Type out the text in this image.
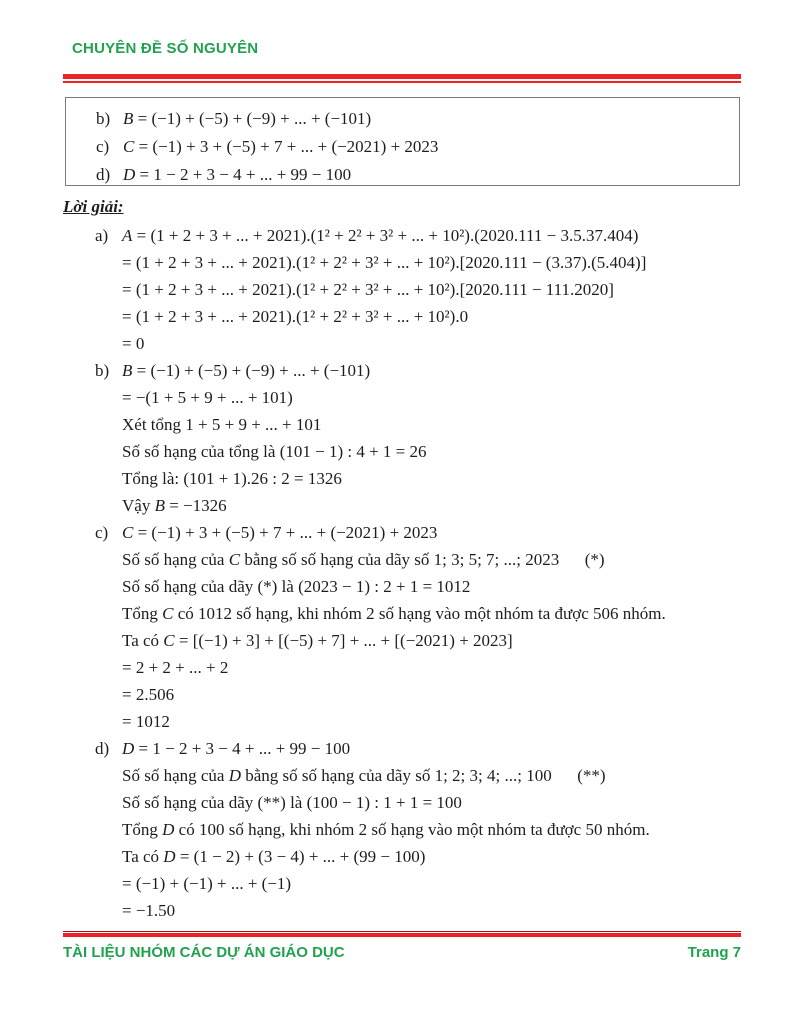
CHUYÊN ĐỀ SỐ NGUYÊN
b) B = (−1) + (−5) + (−9) + ... + (−101)
c) C = (−1) + 3 + (−5) + 7 + ... + (−2021) + 2023
d) D = 1 − 2 + 3 − 4 + ... + 99 − 100
Lời giải:
a) A = (1 + 2 + 3 + ... + 2021).(1² + 2² + 3² + ... + 10²).(2020.111 − 3.5.37.404)
= (1 + 2 + 3 + ... + 2021).(1² + 2² + 3² + ... + 10²).[2020.111 − (3.37).(5.404)]
= (1 + 2 + 3 + ... + 2021).(1² + 2² + 3² + ... + 10²).[2020.111 − 111.2020]
= (1 + 2 + 3 + ... + 2021).(1² + 2² + 3² + ... + 10²).0
= 0
b) B = (−1) + (−5) + (−9) + ... + (−101)
= −(1 + 5 + 9 + ... + 101)
Xét tổng 1 + 5 + 9 + ... + 101
Số số hạng của tổng là (101 − 1) : 4 + 1 = 26
Tổng là: (101 + 1).26 : 2 = 1326
Vậy B = −1326
c) C = (−1) + 3 + (−5) + 7 + ... + (−2021) + 2023
Số số hạng của C bằng số số hạng của dãy số 1; 3; 5; 7; ...; 2023  (*)
Số số hạng của dãy (*) là (2023 − 1) : 2 + 1 = 1012
Tổng C có 1012 số hạng, khi nhóm 2 số hạng vào một nhóm ta được 506 nhóm.
Ta có C = [(−1) + 3] + [(−5) + 7] + ... + [(−2021) + 2023]
= 2 + 2 + ... + 2
= 2.506
= 1012
d) D = 1 − 2 + 3 − 4 + ... + 99 − 100
Số số hạng của D bằng số số hạng của dãy số 1; 2; 3; 4; ...; 100  (**)
Số số hạng của dãy (**) là (100 − 1) : 1 + 1 = 100
Tổng D có 100 số hạng, khi nhóm 2 số hạng vào một nhóm ta được 50 nhóm.
Ta có D = (1 − 2) + (3 − 4) + ... + (99 − 100)
= (−1) + (−1) + ... + (−1)
= −1.50
TÀI LIỆU NHÓM CÁC DỰ ÁN GIÁO DỤC	Trang 7
